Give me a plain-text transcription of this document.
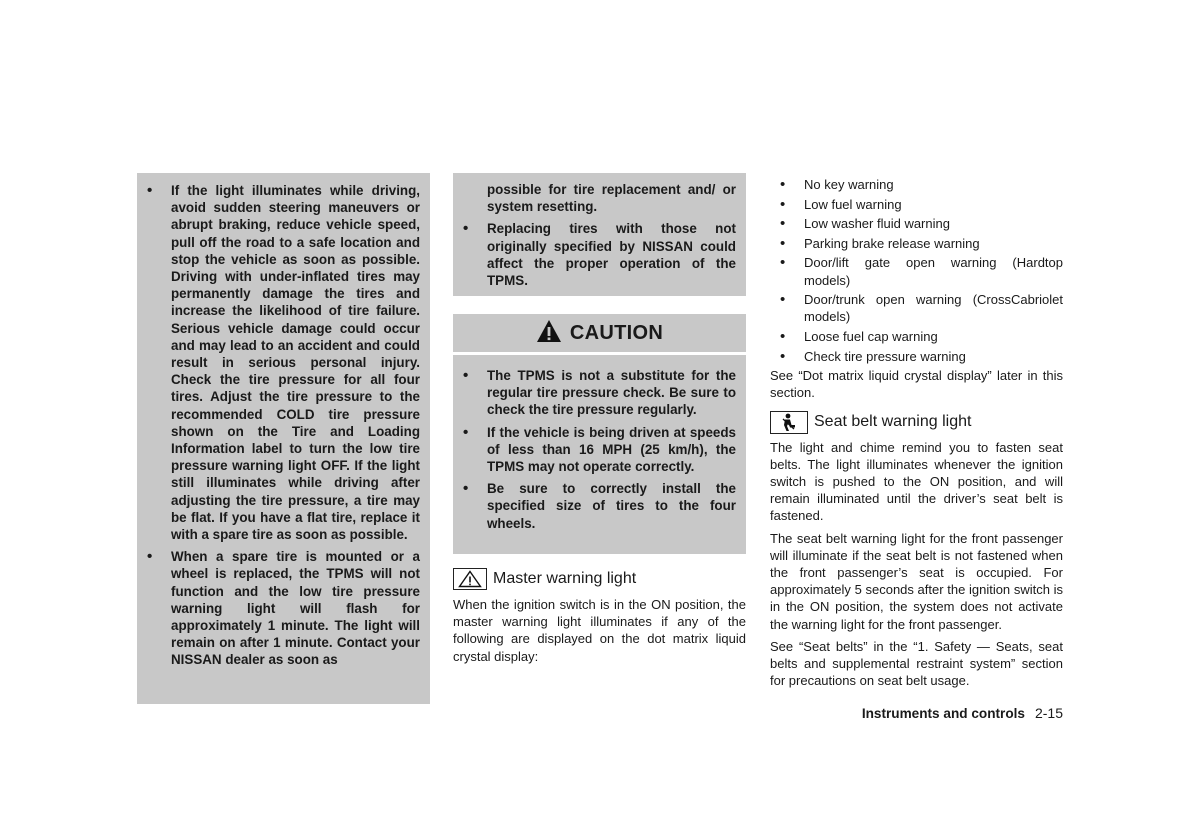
• If the light illuminates while driving, avoid sudden steering maneuvers or abrupt braking, reduce vehicle speed, pull off the road to a safe location and stop the vehicle as soon as possible. Driving with under-inflated tires may permanently damage the tires and increase the likelihood of tire failure. Serious vehicle damage could occur and may lead to an accident and could result in serious personal injury. Check the tire pressure for all four tires. Adjust the tire pressure to the recommended COLD tire pressure shown on the Tire and Loading Information label to turn the low tire pressure warning light OFF. If the light still illuminates while driving after adjusting the tire pressure, a tire may be flat. If you have a flat tire, replace it with a spare tire as soon as possible.
• When a spare tire is mounted or a wheel is replaced, the TPMS will not function and the low tire pressure warning light will flash for approximately 1 minute. The light will remain on after 1 minute. Contact your NISSAN dealer as soon as
possible for tire replacement and/ or system resetting.
• Replacing tires with those not originally specified by NISSAN could affect the proper operation of the TPMS.
CAUTION
• The TPMS is not a substitute for the regular tire pressure check. Be sure to check the tire pressure regularly.
• If the vehicle is being driven at speeds of less than 16 MPH (25 km/h), the TPMS may not operate correctly.
• Be sure to correctly install the specified size of tires to the four wheels.
Master warning light

When the ignition switch is in the ON position, the master warning light illuminates if any of the following are displayed on the dot matrix liquid crystal display:

• No key warning
• Low fuel warning
• Low washer fluid warning
• Parking brake release warning
• Door/lift gate open warning (Hardtop models)
• Door/trunk open warning (CrossCabriolet models)
• Loose fuel cap warning
• Check tire pressure warning

See “Dot matrix liquid crystal display” later in this section.

Seat belt warning light

The light and chime remind you to fasten seat belts. The light illuminates whenever the ignition switch is pushed to the ON position, and will remain illuminated until the driver’s seat belt is fastened.

The seat belt warning light for the front passenger will illuminate if the seat belt is not fastened when the front passenger’s seat is occupied. For approximately 5 seconds after the ignition switch is in the ON position, the system does not activate the warning light for the front passenger.

See “Seat belts” in the “1. Safety — Seats, seat belts and supplemental restraint system” section for precautions on seat belt usage.

Instruments and controls 2-15
